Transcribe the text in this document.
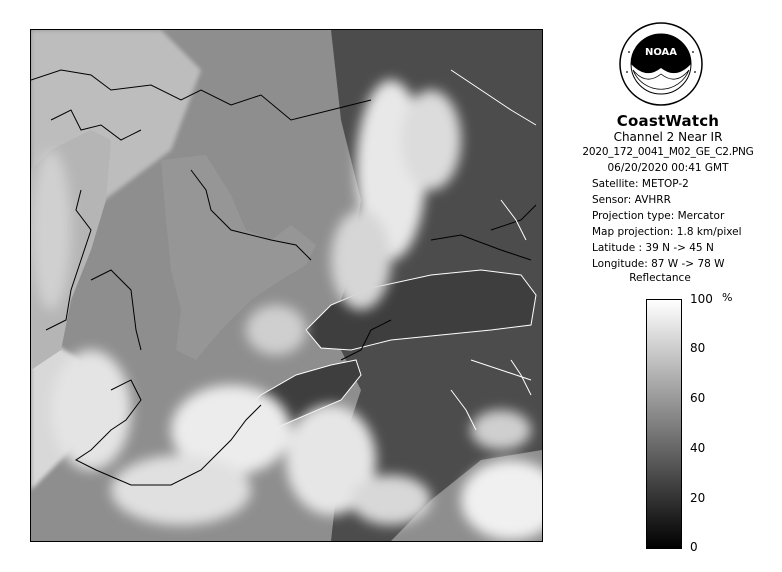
NOAA
CoastWatch
Channel 2 Near IR
2020_172_0041_M02_GE_C2.PNG
06/20/2020 00:41 GMT
Satellite: METOP-2
Sensor: AVHRR
Projection type: Mercator
Map projection: 1.8 km/pixel
Latitude : 39 N -> 45 N
Longitude: 87 W -> 78 W
Reflectance
%
100
80
60
40
20
0
